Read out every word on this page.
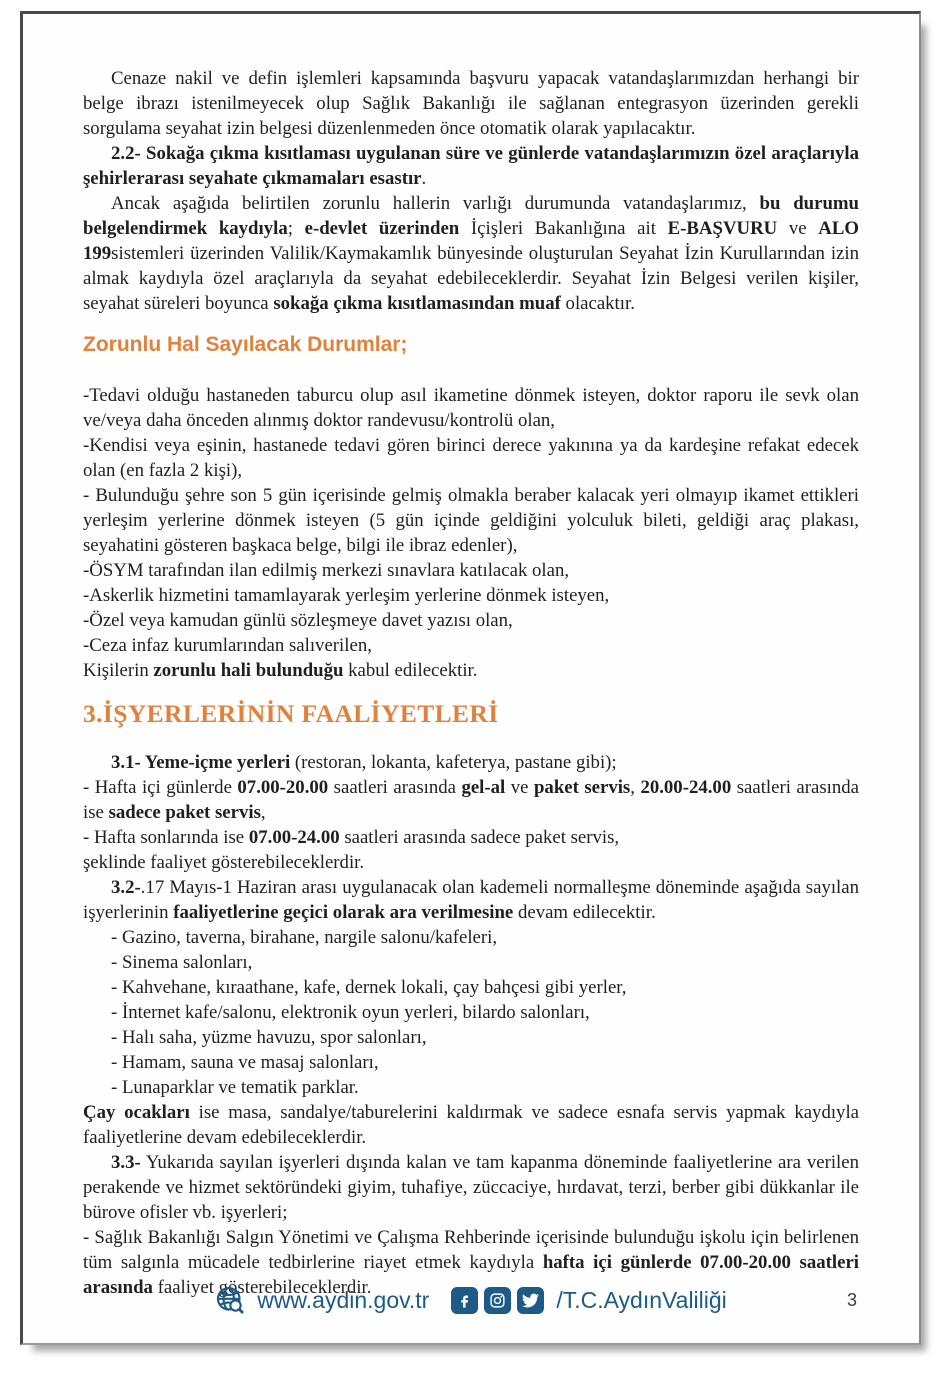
Cenaze nakil ve defin işlemleri kapsamında başvuru yapacak vatandaşlarımızdan herhangi bir belge ibrazı istenilmeyecek olup Sağlık Bakanlığı ile sağlanan entegrasyon üzerinden gerekli sorgulama seyahat izin belgesi düzenlenmeden önce otomatik olarak yapılacaktır.

2.2- Sokağa çıkma kısıtlaması uygulanan süre ve günlerde vatandaşlarımızın özel araçlarıyla şehirlerarası seyahate çıkmamaları esastır.

Ancak aşağıda belirtilen zorunlu hallerin varlığı durumunda vatandaşlarımız, bu durumu belgelendirmek kaydıyla; e-devlet üzerinden İçişleri Bakanlığına ait E-BAŞVURU ve ALO 199sistemleri üzerinden Valilik/Kaymakamlık bünyesinde oluşturulan Seyahat İzin Kurullarından izin almak kaydıyla özel araçlarıyla da seyahat edebileceklerdir. Seyahat İzin Belgesi verilen kişiler, seyahat süreleri boyunca sokağa çıkma kısıtlamasından muaf olacaktır.

Zorunlu Hal Sayılacak Durumlar;

-Tedavi olduğu hastaneden taburcu olup asıl ikametine dönmek isteyen, doktor raporu ile sevk olan ve/veya daha önceden alınmış doktor randevusu/kontrolü olan,

-Kendisi veya eşinin, hastanede tedavi gören birinci derece yakınına ya da kardeşine refakat edecek olan (en fazla 2 kişi),

- Bulunduğu şehre son 5 gün içerisinde gelmiş olmakla beraber kalacak yeri olmayıp ikamet ettikleri yerleşim yerlerine dönmek isteyen (5 gün içinde geldiğini yolculuk bileti, geldiği araç plakası, seyahatini gösteren başkaca belge, bilgi ile ibraz edenler),

-ÖSYM tarafından ilan edilmiş merkezi sınavlara katılacak olan,

-Askerlik hizmetini tamamlayarak yerleşim yerlerine dönmek isteyen,

-Özel veya kamudan günlü sözleşmeye davet yazısı olan,

-Ceza infaz kurumlarından salıverilen,

Kişilerin zorunlu hali bulunduğu kabul edilecektir.

3.İŞYERLERİNİN FAALİYETLERİ

3.1- Yeme-içme yerleri (restoran, lokanta, kafeterya, pastane gibi);

- Hafta içi günlerde 07.00-20.00 saatleri arasında gel-al ve paket servis, 20.00-24.00 saatleri arasında ise sadece paket servis,

- Hafta sonlarında ise 07.00-24.00 saatleri arasında sadece paket servis,

şeklinde faaliyet gösterebileceklerdir.

3.2-.17 Mayıs-1 Haziran arası uygulanacak olan kademeli normalleşme döneminde aşağıda sayılan işyerlerinin faaliyetlerine geçici olarak ara verilmesine devam edilecektir.

- Gazino, taverna, birahane, nargile salonu/kafeleri,

- Sinema salonları,

- Kahvehane, kıraathane, kafe, dernek lokali, çay bahçesi gibi yerler,

- İnternet kafe/salonu, elektronik oyun yerleri, bilardo salonları,

- Halı saha, yüzme havuzu, spor salonları,

- Hamam, sauna ve masaj salonları,

- Lunaparklar ve tematik parklar.

Çay ocakları ise masa, sandalye/taburelerini kaldırmak ve sadece esnafa servis yapmak kaydıyla faaliyetlerine devam edebileceklerdir.

3.3- Yukarıda sayılan işyerleri dışında kalan ve tam kapanma döneminde faaliyetlerine ara verilen perakende ve hizmet sektöründeki giyim, tuhafiye, züccaciye, hırdavat, terzi, berber gibi dükkanlar ile bürove ofisler vb. işyerleri;

- Sağlık Bakanlığı Salgın Yönetimi ve Çalışma Rehberinde içerisinde bulunduğu işkolu için belirlenen tüm salgınla mücadele tedbirlerine riayet etmek kaydıyla hafta içi günlerde 07.00-20.00 saatleri arasında faaliyet gösterebileceklerdir.

www.aydin.gov.tr	/T.C.AydınValiliği	3
